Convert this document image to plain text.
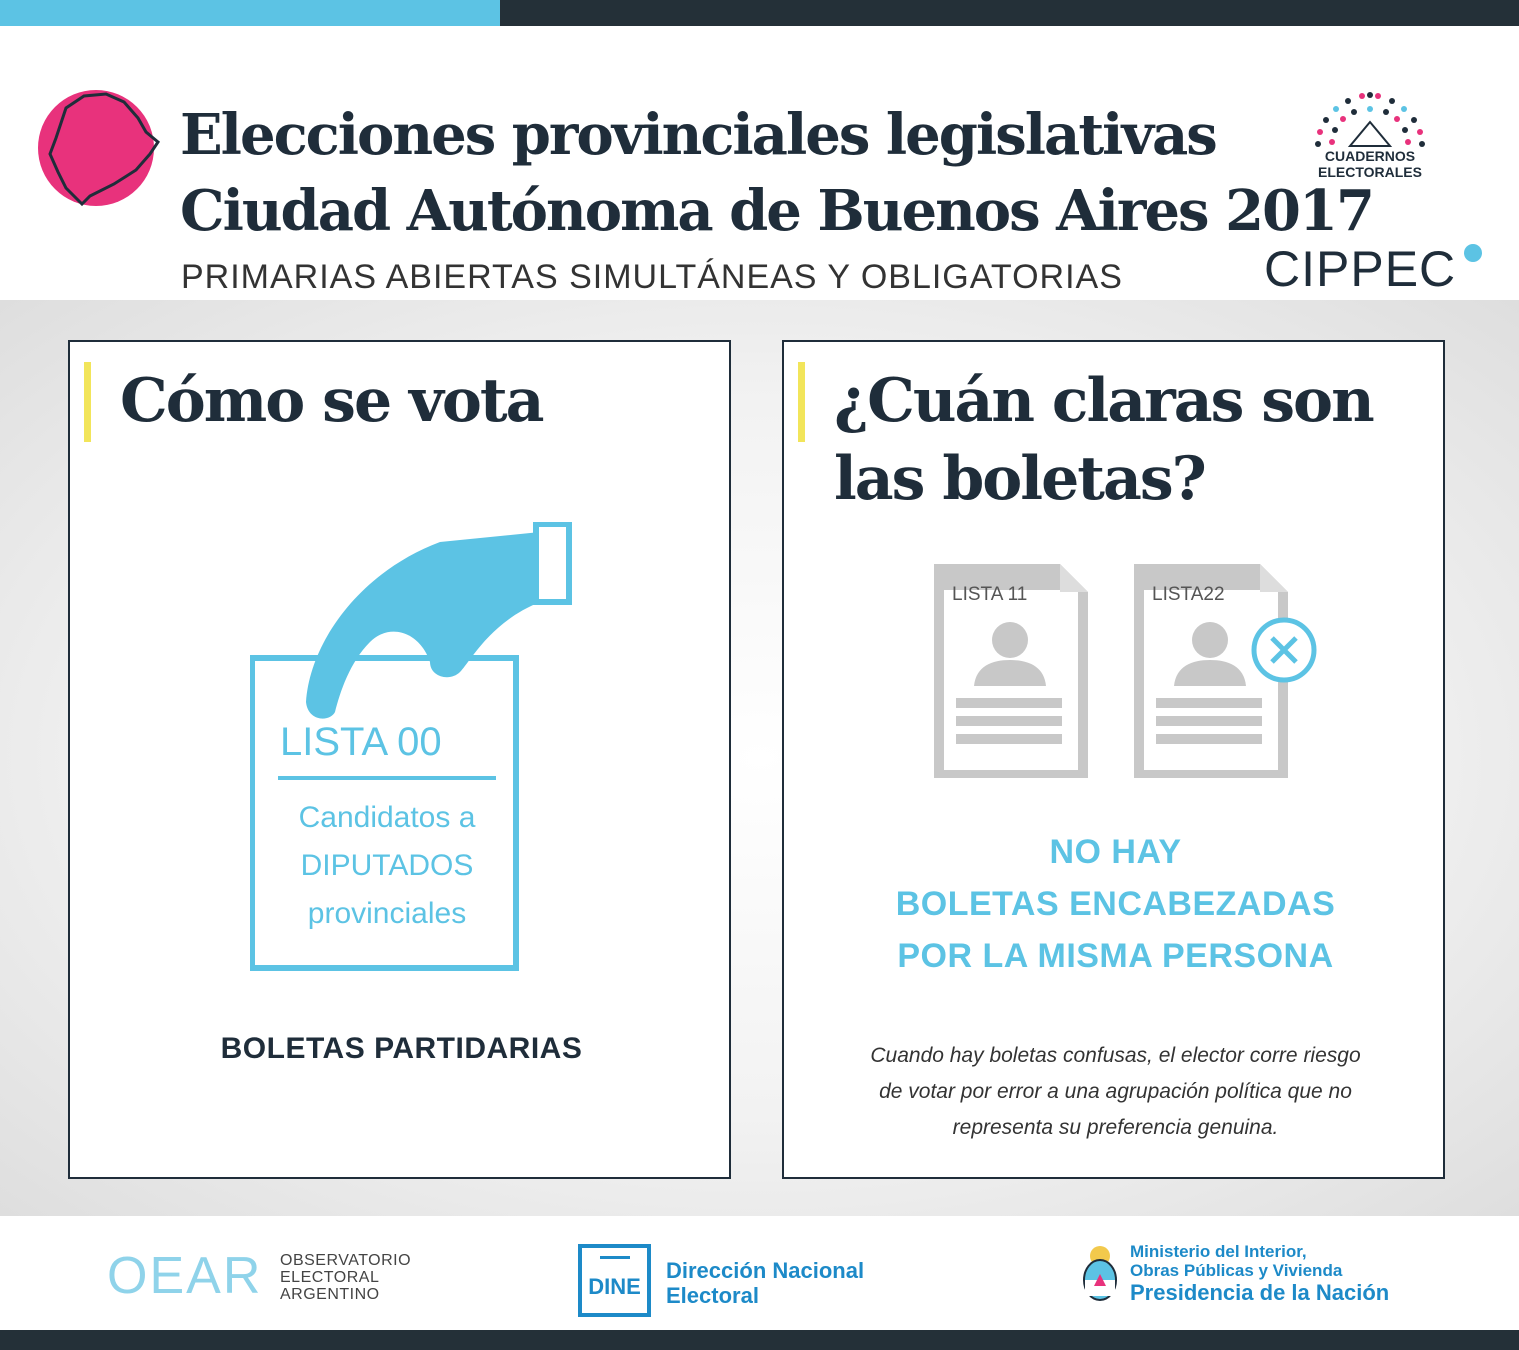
Elecciones provinciales legislativas
Ciudad Autónoma de Buenos Aires 2017
PRIMARIAS ABIERTAS SIMULTÁNEAS Y OBLIGATORIAS
CUADERNOS
ELECTORALES
CIPPEC
Cómo se vota
LISTA 00
Candidatos a
DIPUTADOS
provinciales
BOLETAS PARTIDARIAS
¿Cuán claras son
las boletas?
LISTA 11	LISTA22
NO HAY
BOLETAS ENCABEZADAS
POR LA MISMA PERSONA
Cuando hay boletas confusas, el elector corre riesgo
de votar por error a una agrupación política que no
representa su preferencia genuina.
OEAR OBSERVATORIO
ELECTORAL
ARGENTINO	DINE
Dirección Nacional
Electoral
Ministerio del Interior,
Obras Públicas y Vivienda
Presidencia de la Nación
